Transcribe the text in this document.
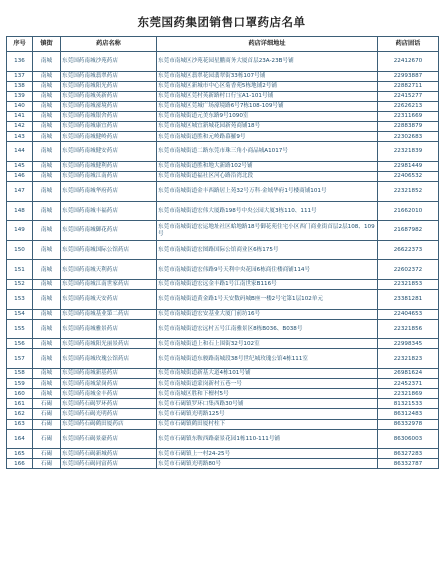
东莞国药集团销售口罩药店名单
序号	镇街	药店名称	药店详细地址	药店固话
136	南城	东莞国药南城沙苑药店	东莞市南城区沙苑花园星鹏商务大厦首层23A-23B号铺	22412670
137	南城	东莞国药南城翡翠药店	东莞市南城区翡翠花园翡翠街33栋107号铺	22993887
138	南城	东莞国药南城阳光药店	东莞市南城区新城市中心区菊香苑5栋地铺2号铺	22882711
139	南城	东莞国药南城英新药店	东莞市南城区莞村英新路村口行宝A1-101号铺	22415277
140	南城	东莞国药南城濠境药店	东莞市南城区莞城广场濠境路6号7栋108-109号铺	22626213
141	南城	东莞国药南城银舍药店	东莞市南城街道元美东路9号1090室	22311669
142	南城	东莞国药南城康宜药店	东莞市南城区城宜新城花园新苑商铺18号	22883879
143	南城	东莞国药南城健岭药店	东莞市南城街道胜和元岭路幕羅9号	22302683
144	南城	东莞国药南城健安药店	东莞市南城街道二路东莞市珠三角小商品城A1017号	22321839
145	南城	东莞国药南城健利药店	东莞市南城街道胜和地大新路102号铺	22981449
146	南城	东莞国药南城江南药店	东莞市南城街道福社区河心路沿湾北段	22406532
147	南城	东莞国药南城华府药店	东莞市南城街道金丰西路居上苑32号万科·金域华府1号楼商铺101号	22321852
148	南城	东莞国药南城丰福药店	东莞市南城街道宏伟大厦路198号中央公园大厦3栋110、111号	21662010
149	南城	东莞国药南城御花药店	东莞市南城街道宏运地址社区蛤地路18号御花苑住宅小区西门商业街首层2层108、109号	21687982
150	南城	东莞国药南城国际公馆药店	东莞市南城街道宏图路国际公馆商业区6栋175号	26622373
151	南城	东莞国药南城天利药店	东莞市南城街道宏伟路9号天利中央花园6栋商住楼商铺114号	22602372
152	南城	东莞国药南城江南世家药店	东莞市南城街道宏远金丰路1号江南世家B116号	22321853
153	南城	东莞国药南城天安药店	东莞市南城街道黄金路1号天安数码城B座一楼2号宅第1层102单元	23381281
154	南城	东莞国药南城基业第二药店	东莞市南城街道宏安基业大厦门前坊16号	22404653
155	南城	东莞国药南城雅景药店	东莞市南城街道宏远村五号江南雅景区8栋B036、B038号	22321856
156	南城	东莞国药南城阳光丽景药店	东莞市南城街道上和石上围街32号102室	22998345
157	南城	东莞国药南城玫瑰公馆药店	东莞市南城街道东骏路南城段38号世纪城玫瑰公馆4栋111室	22321823
158	南城	东莞国药南城新基药店	东莞市南城街道新基大道4栋101号铺	26981624
159	南城	东莞国药南城蒙岗药店	东莞市南城街道蒙岗新村五巷一号	22452371
160	南城	东莞国药南城金丰药店	东莞市南城区胜和下檀村5号	22321869
161	石碣	东莞国药石碣罗环药店	东莞市石碣镇罗环口集西路30号铺	81321533
162	石碣	东莞国药石碣光明药店	东莞市石碣镇光明路125号	86312483
163	石碣	东莞国药石碣鹤田厦药店	东莞市石碣镇鹤田厦村柱下	86332978
164	石碣	东莞国药石碣景豪药店	东莞市石碣镇东鞍西路豪景花园1栋110-111号铺	86306003
165	石碣	东莞国药石碣新城药店	东莞市石碣镇上一村24-25号	86327283
166	石碣	东莞国药石碣同富药店	东莞市石碣镇光明路80号	86332787
